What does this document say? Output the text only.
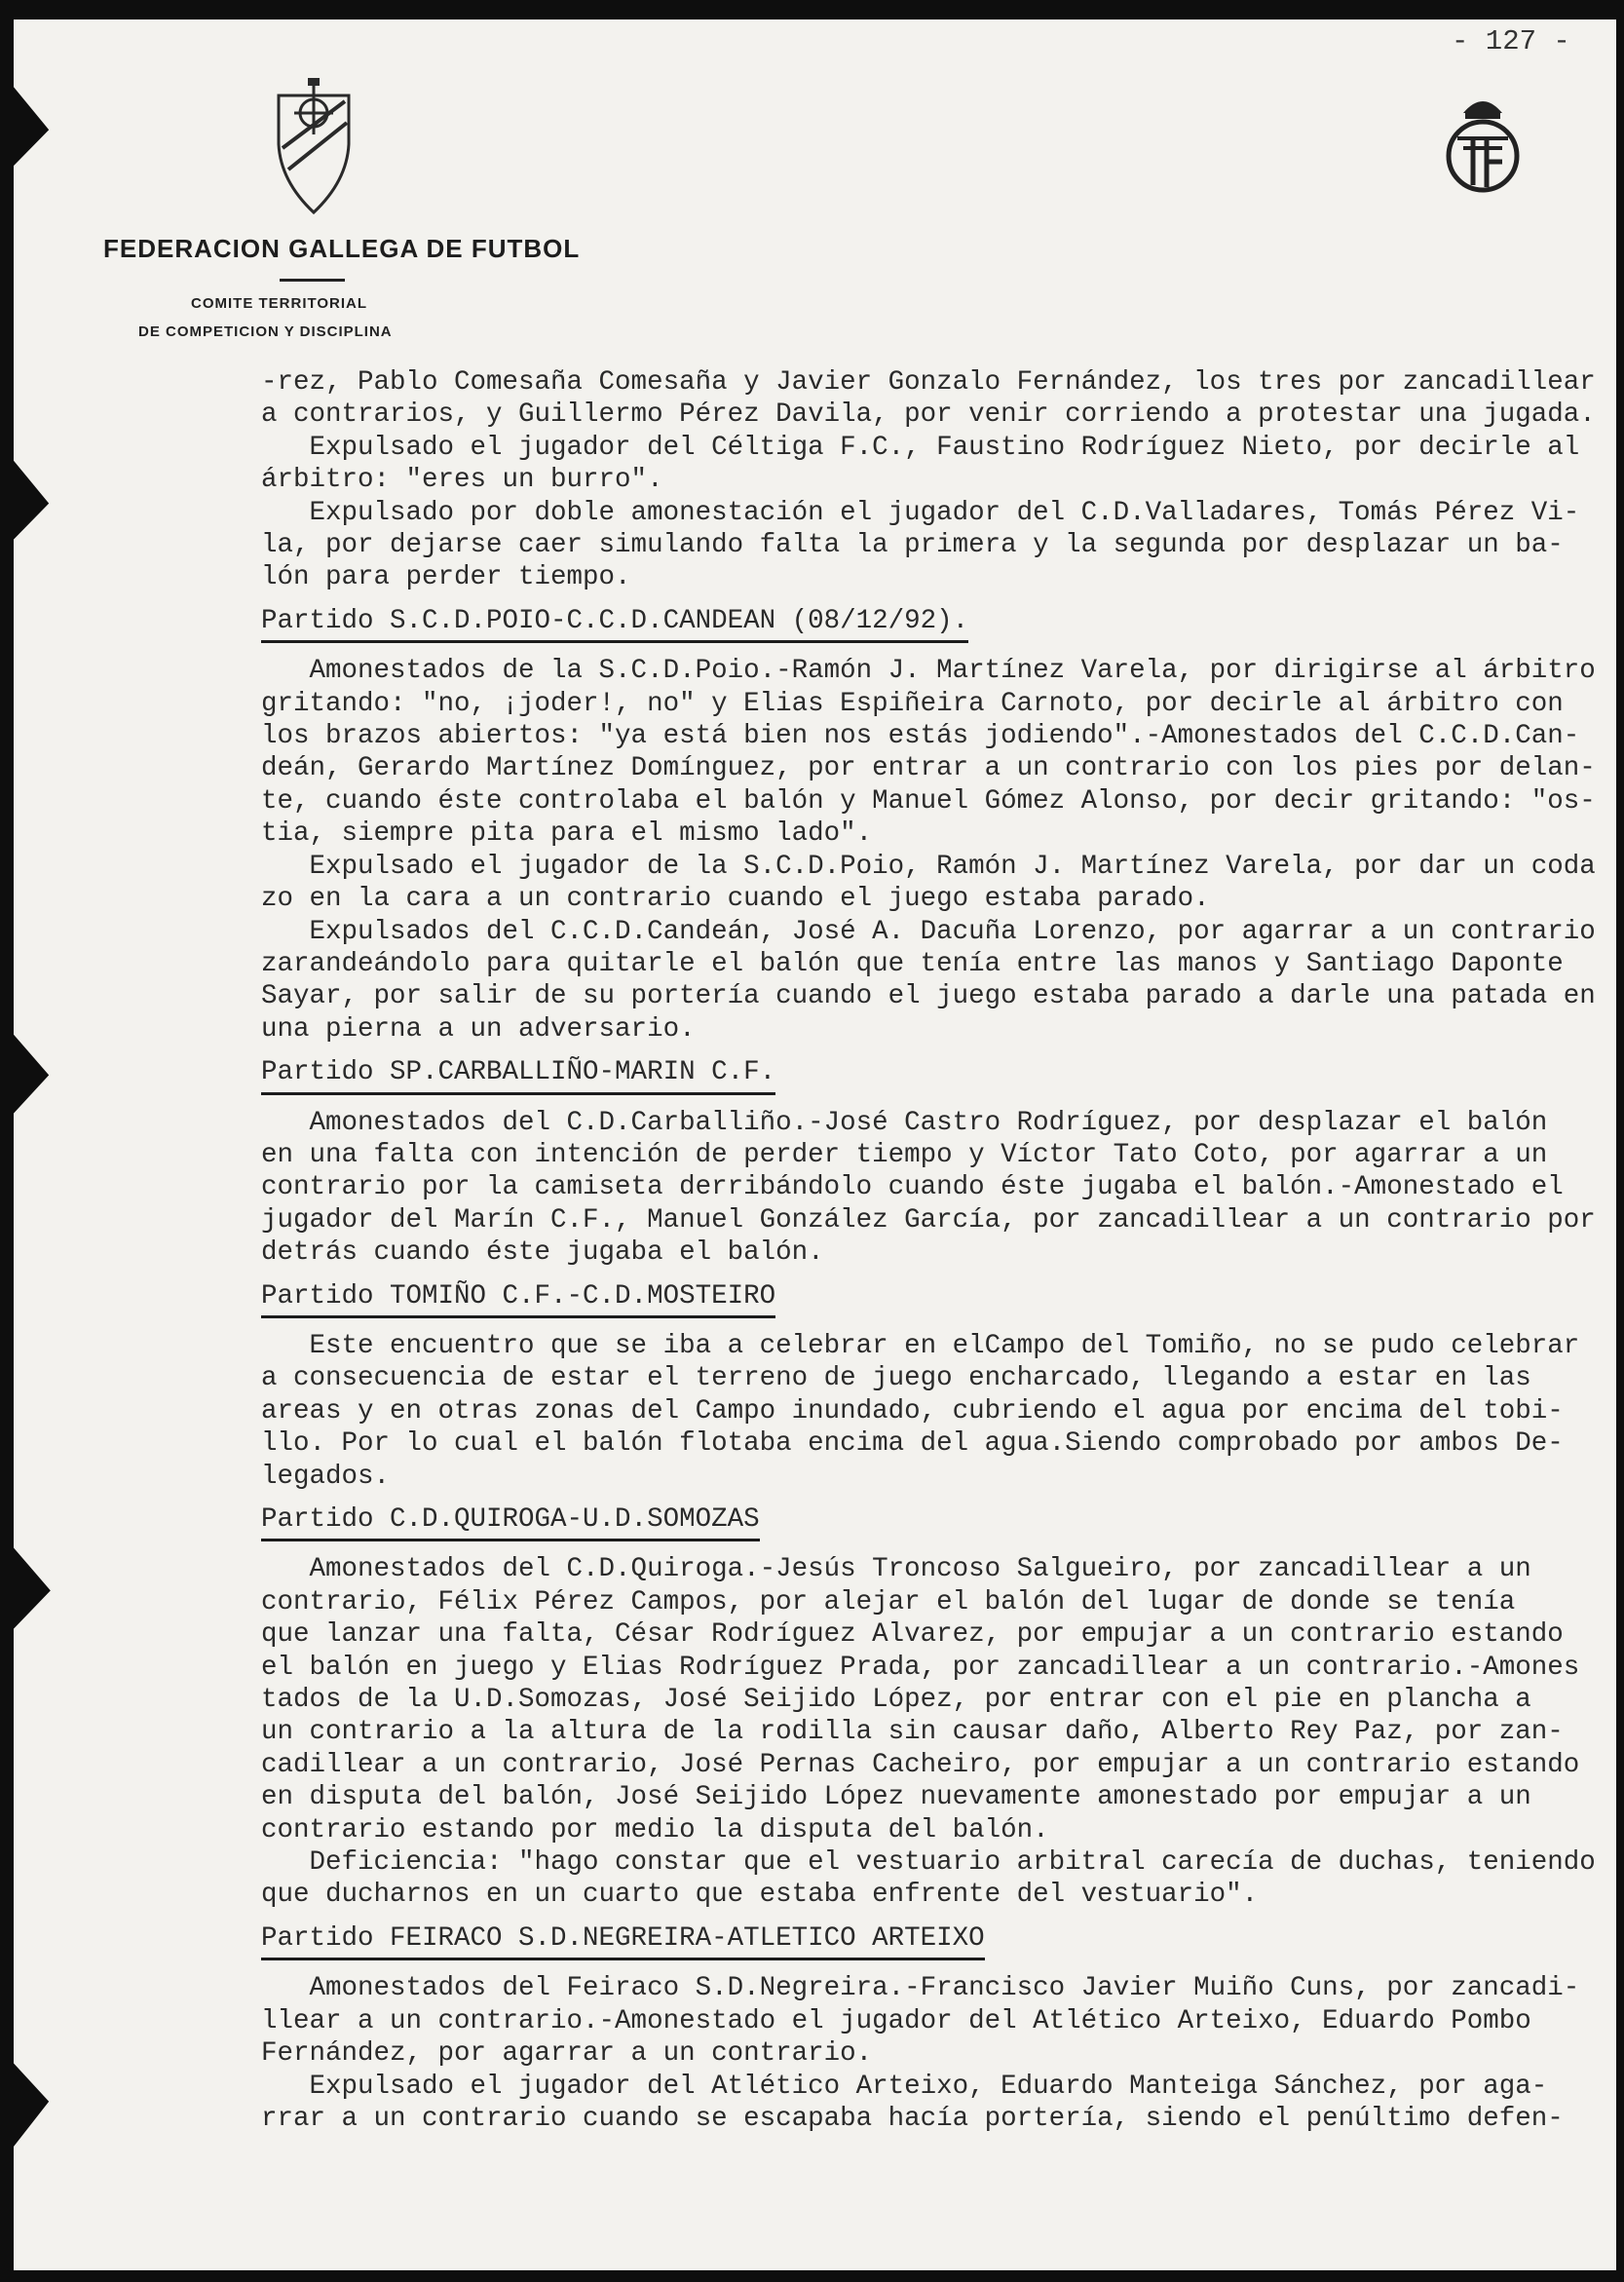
- 127 -
FEDERACION GALLEGA DE FUTBOL
COMITE TERRITORIAL
DE COMPETICION Y DISCIPLINA

-rez, Pablo Comesaña Comesaña y Javier Gonzalo Fernández, los tres por zancadillear
a contrarios, y Guillermo Pérez Davila, por venir corriendo a protestar una jugada.

Expulsado el jugador del Céltiga F.C., Faustino Rodríguez Nieto, por decirle al
árbitro: "eres un burro".

Expulsado por doble amonestación el jugador del C.D.Valladares, Tomás Pérez Vi-
la, por dejarse caer simulando falta la primera y la segunda por desplazar un ba-
lón para perder tiempo.

Partido S.C.D.POIO-C.C.D.CANDEAN (08/12/92).

Amonestados de la S.C.D.Poio.-Ramón J. Martínez Varela, por dirigirse al árbitro
gritando: "no, ¡joder!, no" y Elias Espiñeira Carnoto, por decirle al árbitro con
los brazos abiertos: "ya está bien nos estás jodiendo".-Amonestados del C.C.D.Can-
deán, Gerardo Martínez Domínguez, por entrar a un contrario con los pies por delan-
te, cuando éste controlaba el balón y Manuel Gómez Alonso, por decir gritando: "os-
tia, siempre pita para el mismo lado".

Expulsado el jugador de la S.C.D.Poio, Ramón J. Martínez Varela, por dar un coda
zo en la cara a un contrario cuando el juego estaba parado.

Expulsados del C.C.D.Candeán, José A. Dacuña Lorenzo, por agarrar a un contrario
zarandeándolo para quitarle el balón que tenía entre las manos y Santiago Daponte
Sayar, por salir de su portería cuando el juego estaba parado a darle una patada en
una pierna a un adversario.

Partido SP.CARBALLIÑO-MARIN C.F.

Amonestados del C.D.Carballiño.-José Castro Rodríguez, por desplazar el balón
en una falta con intención de perder tiempo y Víctor Tato Coto, por agarrar a un
contrario por la camiseta derribándolo cuando éste jugaba el balón.-Amonestado el
jugador del Marín C.F., Manuel González García, por zancadillear a un contrario por
detrás cuando éste jugaba el balón.

Partido TOMIÑO C.F.-C.D.MOSTEIRO

Este encuentro que se iba a celebrar en elCampo del Tomiño, no se pudo celebrar
a consecuencia de estar el terreno de juego encharcado, llegando a estar en las
areas y en otras zonas del Campo inundado, cubriendo el agua por encima del tobi-
llo. Por lo cual el balón flotaba encima del agua.Siendo comprobado por ambos De-
legados.

Partido C.D.QUIROGA-U.D.SOMOZAS

Amonestados del C.D.Quiroga.-Jesús Troncoso Salgueiro, por zancadillear a un
contrario, Félix Pérez Campos, por alejar el balón del lugar de donde se tenía
que lanzar una falta, César Rodríguez Alvarez, por empujar a un contrario estando
el balón en juego y Elias Rodríguez Prada, por zancadillear a un contrario.-Amones
tados de la U.D.Somozas, José Seijido López, por entrar con el pie en plancha a
un contrario a la altura de la rodilla sin causar daño, Alberto Rey Paz, por zan-
cadillear a un contrario, José Pernas Cacheiro, por empujar a un contrario estando
en disputa del balón, José Seijido López nuevamente amonestado por empujar a un
contrario estando por medio la disputa del balón.

Deficiencia: "hago constar que el vestuario arbitral carecía de duchas, teniendo
que ducharnos en un cuarto que estaba enfrente del vestuario".

Partido FEIRACO S.D.NEGREIRA-ATLETICO ARTEIXO

Amonestados del Feiraco S.D.Negreira.-Francisco Javier Muiño Cuns, por zancadi-
llear a un contrario.-Amonestado el jugador del Atlético Arteixo, Eduardo Pombo
Fernández, por agarrar a un contrario.

Expulsado el jugador del Atlético Arteixo, Eduardo Manteiga Sánchez, por aga-
rrar a un contrario cuando se escapaba hacía portería, siendo el penúltimo defen-
